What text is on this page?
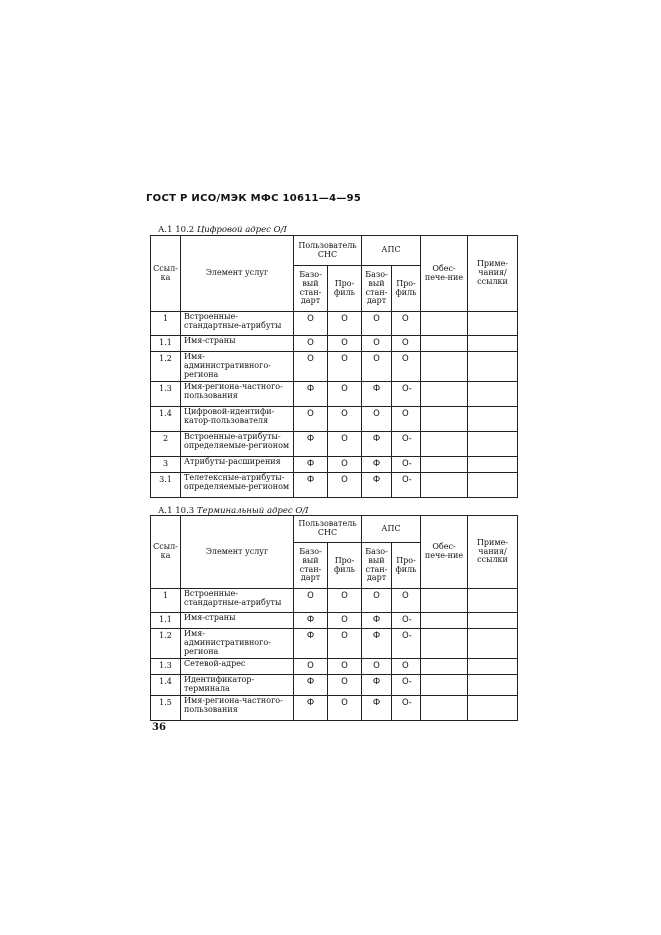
ГОСТ Р ИСО/МЭК МФС 10611—4—95
А.1 10.2 Цифровой адрес О/I
Ссыл-ка	Элемент услуг	Пользователь СНС		АПС		Обес-пече-ние	Приме-чания/ ссылки
		Базо-вый стан-дарт	Про-филь	Базо-вый стан-дарт	Про-филь		
1	Встроенные-стандартные-атрибуты	О	О	О	О		
1.1	Имя-страны	О	О	О	О		
1.2	Имя-административного-региона	О	О	О	О		
1.3	Имя-региона-частного-пользования	Ф	О	Ф	О-		
1.4	Цифровой-идентифи-катор-пользователя	О	О	О	О		
2	Встроенные-атрибуты-определяемые-регионом	Ф	О	Ф	О-		
3	Атрибуты-расширения	Ф	О	Ф	О-		
3.1	Телетексные-атрибуты-определяемые-регионом	Ф	О	Ф	О-		
А.1 10.3 Терминальный адрес О/I
Ссыл-ка	Элемент услуг	Пользователь СНС		АПС		Обес-пече-ние	Приме-чания/ ссылки
		Базо-вый стан-дарт	Про-филь	Базо-вый стан-дарт	Про-филь		
1	Встроенные-стандартные-атрибуты	О	О	О	О		
1.1	Имя-страны	Ф	О	Ф	О-		
1.2	Имя-административного-региона	Ф	О	Ф	О-		
1.3	Сетевой-адрес	О	О	О	О		
1.4	Идентификатор-терминала	Ф	О	Ф	О-		
1.5	Имя-региона-частного-пользования	Ф	О	Ф	О-		
36
